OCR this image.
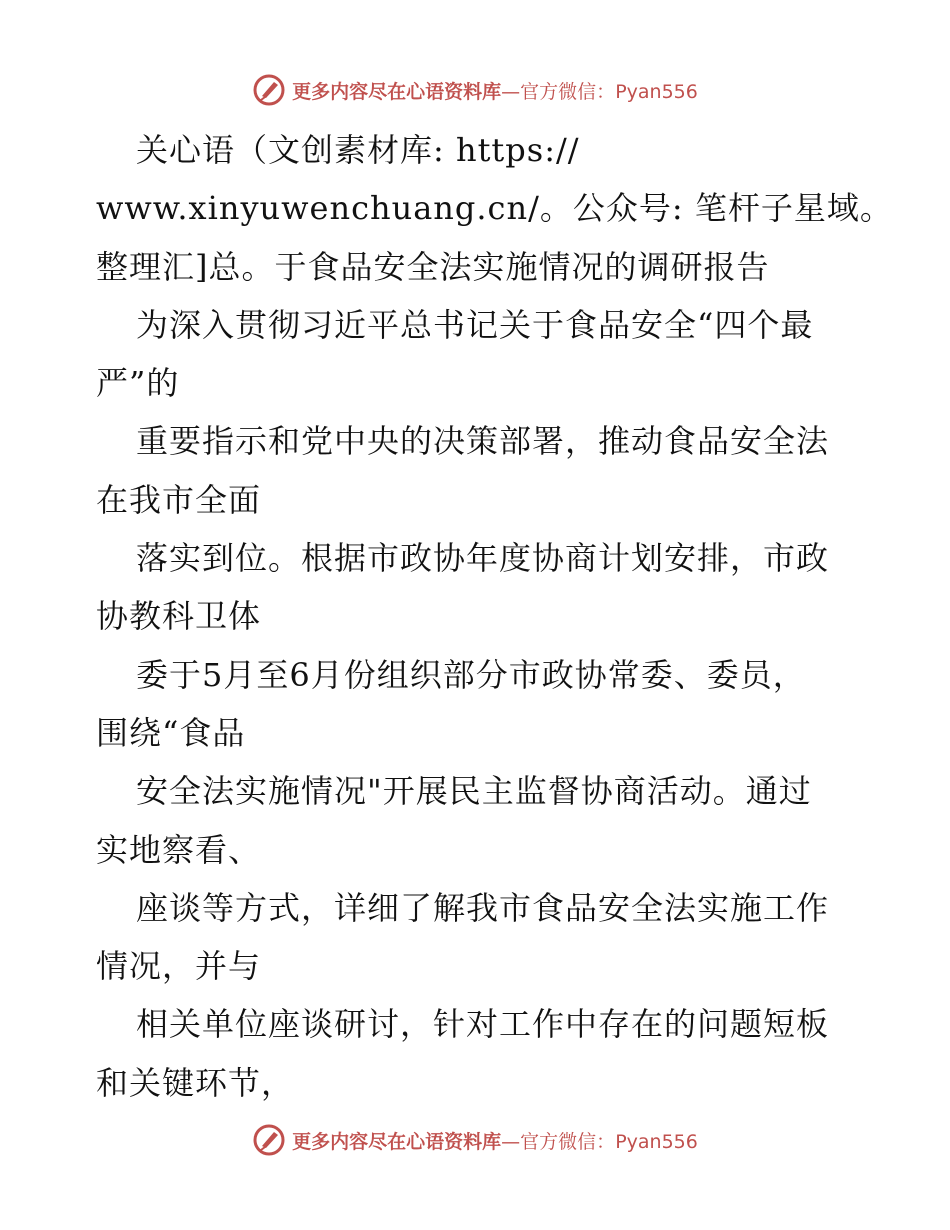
更多内容尽在心语资料库—官方微信：Pyan556
关心语（文创素材库: https://
www.xinyuwenchuang.cn/。公众号: 笔杆子星域。
整理汇]总。于食品安全法实施情况的调研报告
为深入贯彻习近平总书记关于食品安全“四个最
严”的
重要指示和党中央的决策部署，推动食品安全法
在我市全面
落实到位。根据市政协年度协商计划安排，市政
协教科卫体
委于5月至6月份组织部分市政协常委、委员，
围绕“食品
安全法实施情况"开展民主监督协商活动。通过
实地察看、
座谈等方式，详细了解我市食品安全法实施工作
情况，并与
相关单位座谈研讨，针对工作中存在的问题短板
和关键环节，
更多内容尽在心语资料库—官方微信：Pyan556
